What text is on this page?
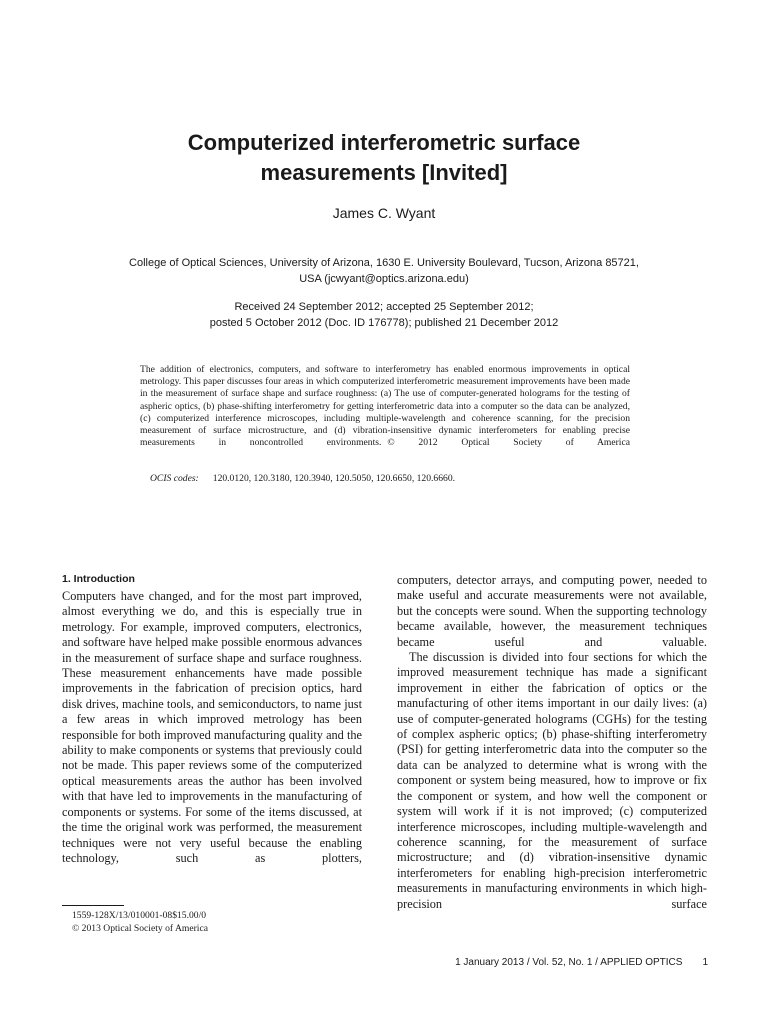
Computerized interferometric surface
measurements [Invited]
James C. Wyant
College of Optical Sciences, University of Arizona, 1630 E. University Boulevard, Tucson, Arizona 85721,
USA (jcwyant@optics.arizona.edu)
Received 24 September 2012; accepted 25 September 2012;
posted 5 October 2012 (Doc. ID 176778); published 21 December 2012

The addition of electronics, computers, and software to interferometry has enabled enormous improvements in optical metrology. This paper discusses four areas in which computerized interferometric measurement improvements have been made in the measurement of surface shape and surface roughness: (a) The use of computer-generated holograms for the testing of aspheric optics, (b) phase-shifting interferometry for getting interferometric data into a computer so the data can be analyzed, (c) computerized interference microscopes, including multiple-wavelength and coherence scanning, for the precision measurement of surface microstructure, and (d) vibration-insensitive dynamic interferometers for enabling precise measurements in noncontrolled environments. © 2012 Optical Society of America

OCIS codes: 120.0120, 120.3180, 120.3940, 120.5050, 120.6650, 120.6660.
1. Introduction

Computers have changed, and for the most part improved, almost everything we do, and this is especially true in metrology. For example, improved computers, electronics, and software have helped make possible enormous advances in the measurement of surface shape and surface roughness. These measurement enhancements have made possible improvements in the fabrication of precision optics, hard disk drives, machine tools, and semiconductors, to name just a few areas in which improved metrology has been responsible for both improved manufacturing quality and the ability to make components or systems that previously could not be made. This paper reviews some of the computerized optical measurements areas the author has been involved with that have led to improvements in the manufacturing of components or systems. For some of the items discussed, at the time the original work was performed, the measurement techniques were not very useful because the enabling technology, such as plotters,

computers, detector arrays, and computing power, needed to make useful and accurate measurements were not available, but the concepts were sound. When the supporting technology became available, however, the measurement techniques became useful and valuable.

The discussion is divided into four sections for which the improved measurement technique has made a significant improvement in either the fabrication of optics or the manufacturing of other items important in our daily lives: (a) use of computer-generated holograms (CGHs) for the testing of complex aspheric optics; (b) phase-shifting interferometry (PSI) for getting interferometric data into the computer so the data can be analyzed to determine what is wrong with the component or system being measured, how to improve or fix the component or system, and how well the component or system will work if it is not improved; (c) computerized interference microscopes, including multiple-wavelength and coherence scanning, for the measurement of surface microstructure; and (d) vibration-insensitive dynamic interferometers for enabling high-precision interferometric measurements in manufacturing environments in which high-precision surface

1559-128X/13/010001-08$15.00/0
© 2013 Optical Society of America
1 January 2013 / Vol. 52, No. 1 / APPLIED OPTICS 1
